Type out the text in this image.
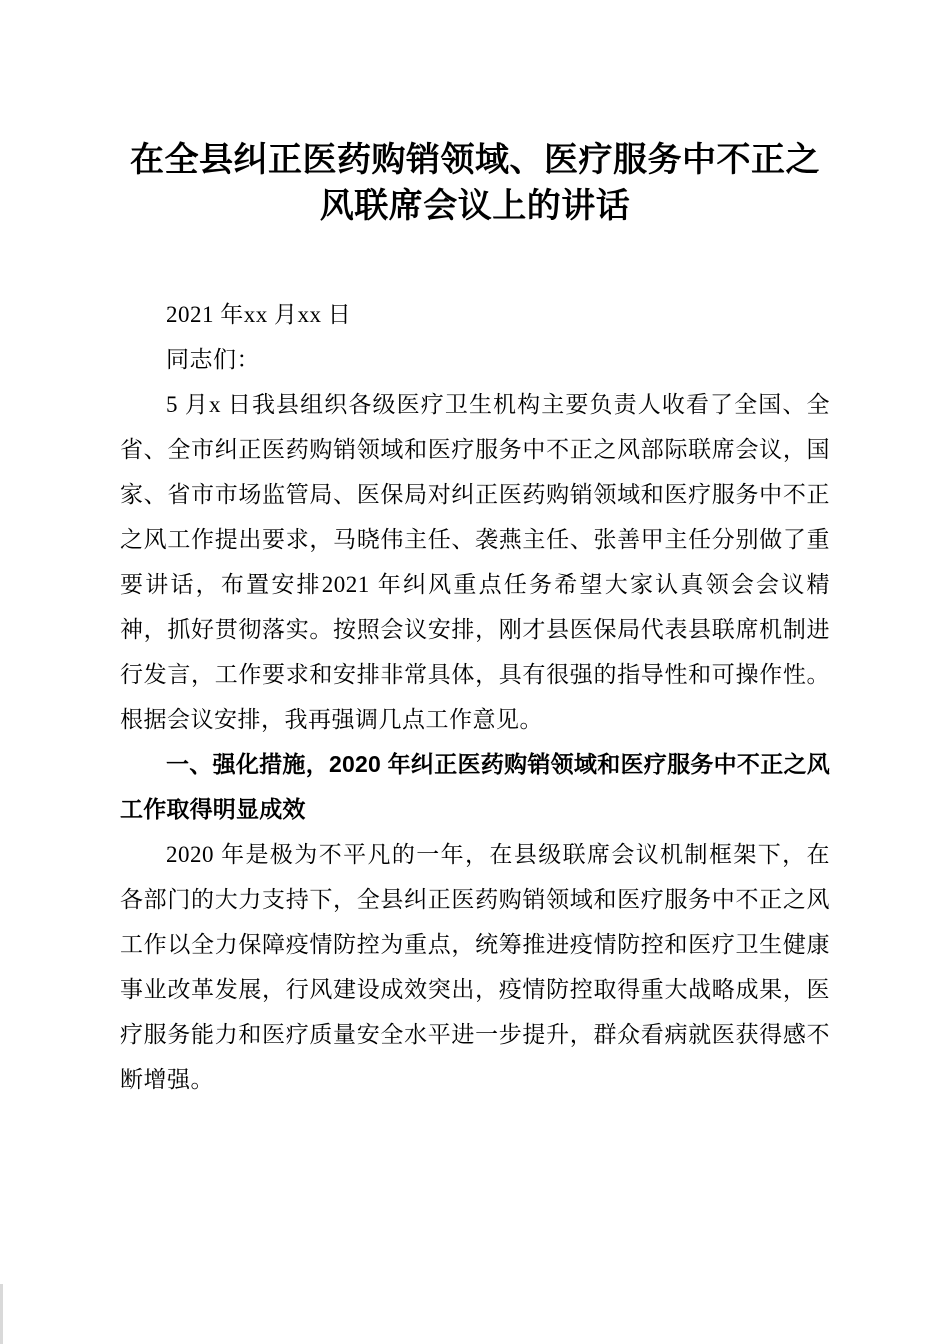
在全县纠正医药购销领域、医疗服务中不正之风联席会议上的讲话

2021 年xx 月xx 日

同志们：

5 月x 日我县组织各级医疗卫生机构主要负责人收看了全国、全省、全市纠正医药购销领域和医疗服务中不正之风部际联席会议，国家、省市市场监管局、医保局对纠正医药购销领域和医疗服务中不正之风工作提出要求，马晓伟主任、袭燕主任、张善甲主任分别做了重要讲话，布置安排2021 年纠风重点任务希望大家认真领会会议精神，抓好贯彻落实。按照会议安排，刚才县医保局代表县联席机制进行发言，工作要求和安排非常具体，具有很强的指导性和可操作性。根据会议安排，我再强调几点工作意见。

一、强化措施，2020 年纠正医药购销领域和医疗服务中不正之风工作取得明显成效

2020 年是极为不平凡的一年，在县级联席会议机制框架下，在各部门的大力支持下，全县纠正医药购销领域和医疗服务中不正之风工作以全力保障疫情防控为重点，统筹推进疫情防控和医疗卫生健康事业改革发展，行风建设成效突出，疫情防控取得重大战略成果，医疗服务能力和医疗质量安全水平进一步提升，群众看病就医获得感不断增强。
